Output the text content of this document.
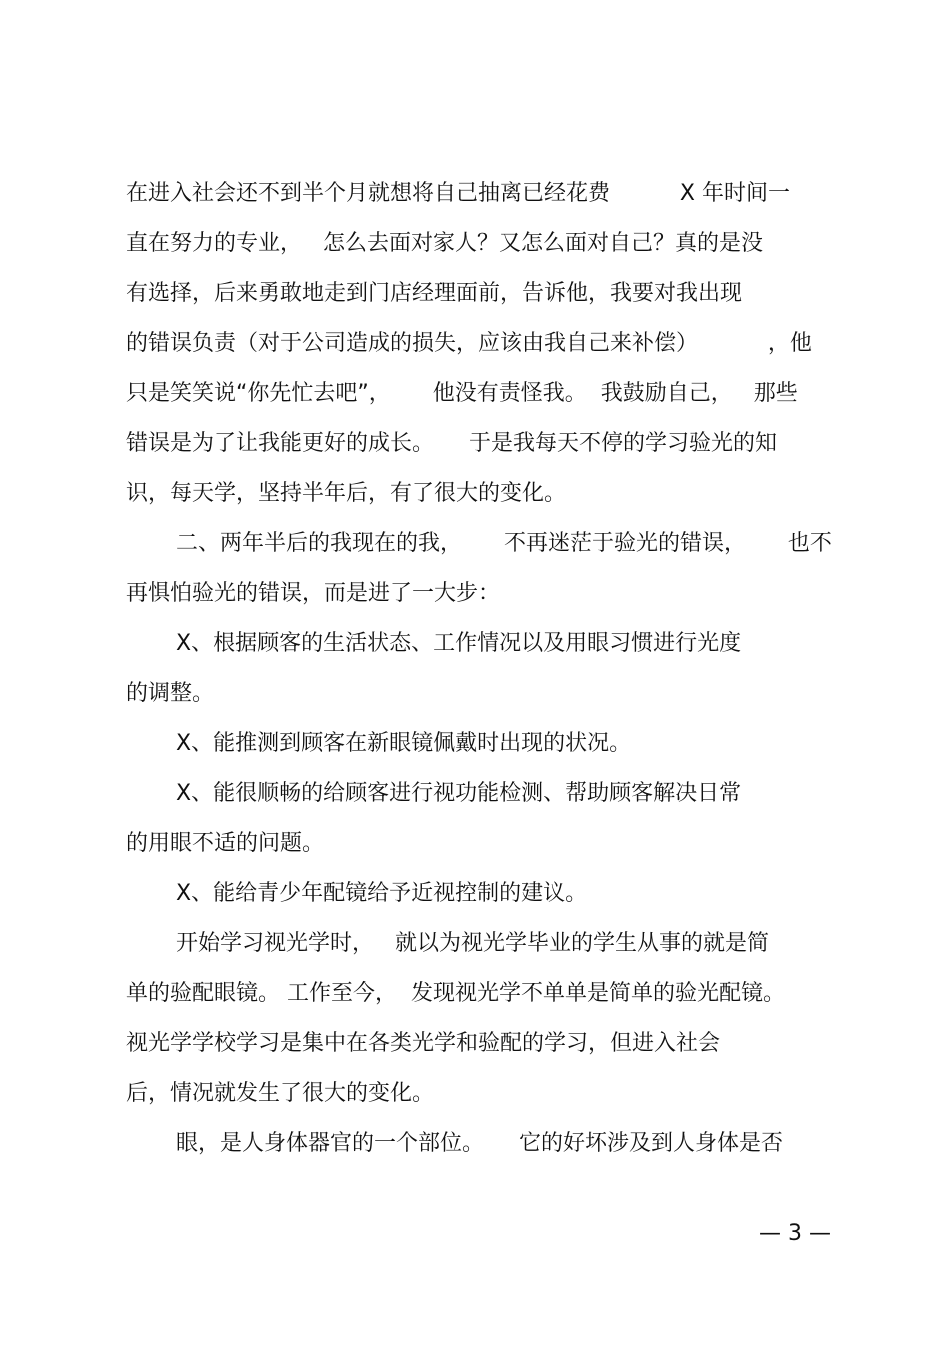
在进入社会还不到半个月就想将自己抽离已经花费          X 年时间一
直在努力的专业，   怎么去面对家人？又怎么面对自己？真的是没
有选择，后来勇敢地走到门店经理面前，告诉他，我要对我出现
的错误负责（对于公司造成的损失，应该由我自己来补偿）          ，他
只是笑笑说“你先忙去吧”，      他没有责怪我。  我鼓励自己，   那些
错误是为了让我能更好的成长。     于是我每天不停的学习验光的知
识，每天学，坚持半年后，有了很大的变化。
二、两年半后的我现在的我，      不再迷茫于验光的错误，      也不
再惧怕验光的错误，而是进了一大步：
X、根据顾客的生活状态、工作情况以及用眼习惯进行光度
的调整。
X、能推测到顾客在新眼镜佩戴时出现的状况。
X、能很顺畅的给顾客进行视功能检测、帮助顾客解决日常
的用眼不适的问题。
X、能给青少年配镜给予近视控制的建议。
开始学习视光学时，   就以为视光学毕业的学生从事的就是简
单的验配眼镜。 工作至今，  发现视光学不单单是简单的验光配镜。
视光学学校学习是集中在各类光学和验配的学习，但进入社会
后，情况就发生了很大的变化。
眼，是人身体器官的一个部位。     它的好坏涉及到人身体是否
— 3 —
